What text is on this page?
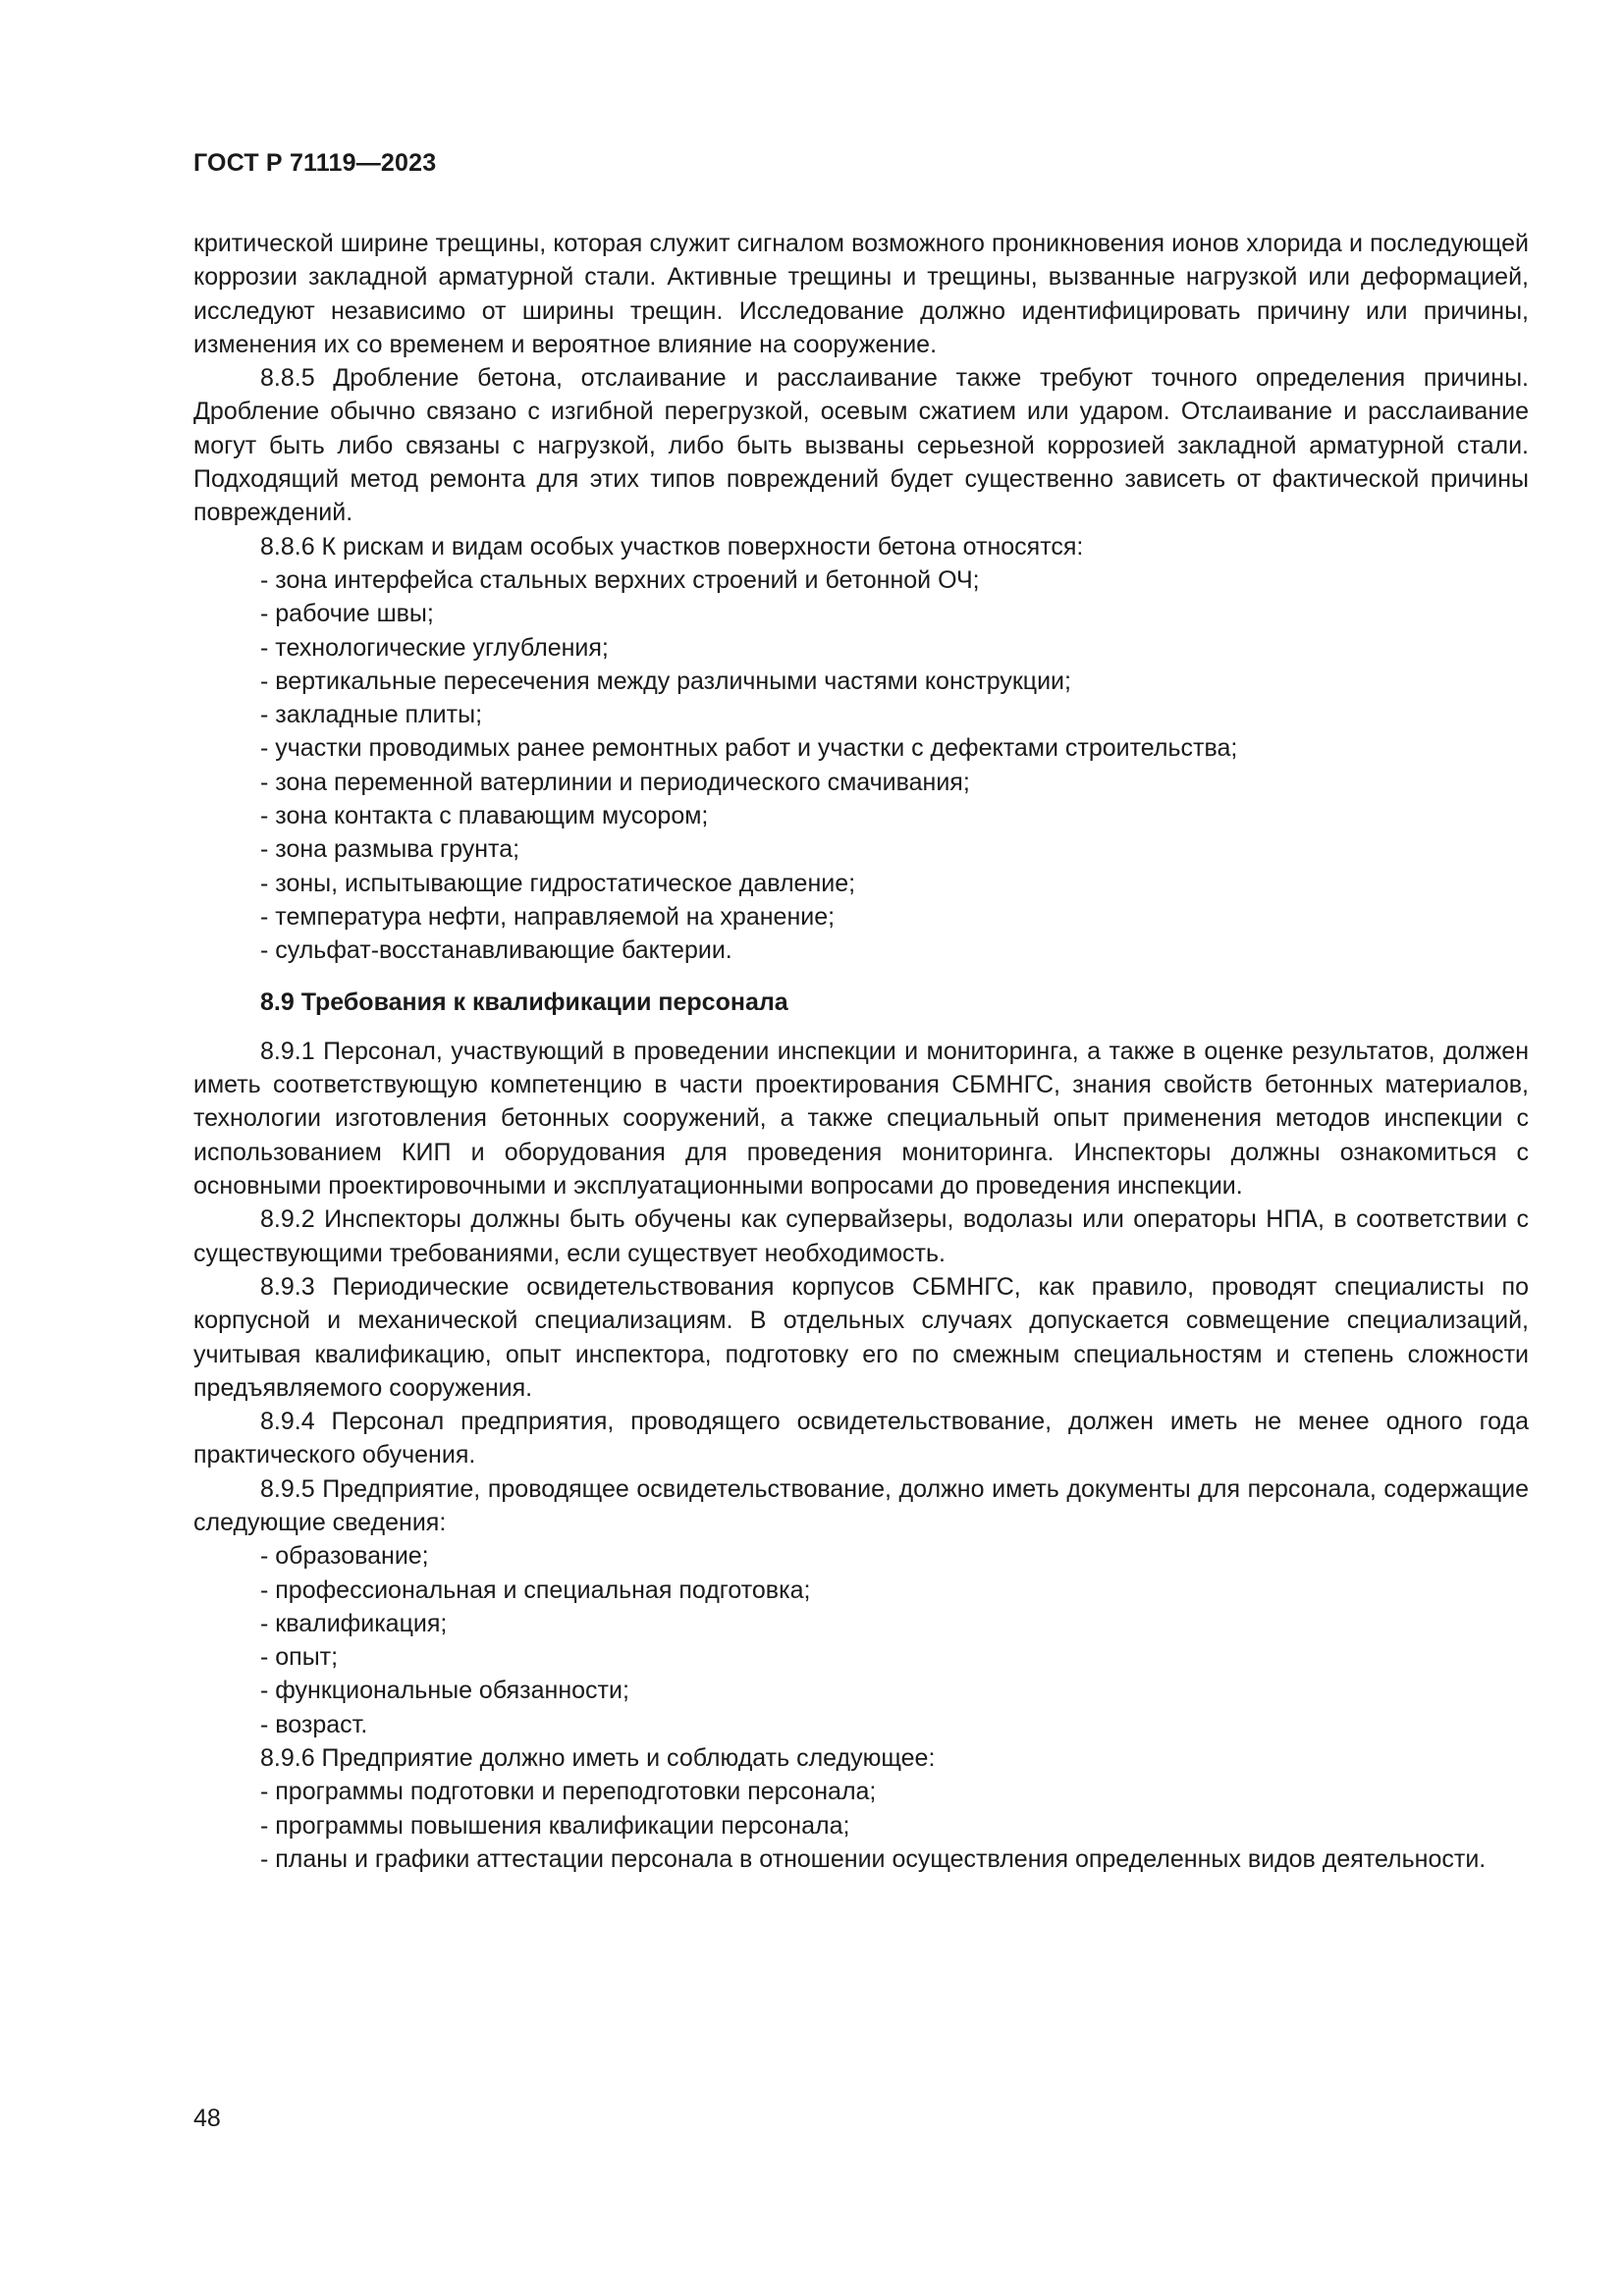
ГОСТ Р 71119—2023

критической ширине трещины, которая служит сигналом возможного проникновения ионов хлорида и последующей коррозии закладной арматурной стали. Активные трещины и трещины, вызванные нагрузкой или деформацией, исследуют независимо от ширины трещин. Исследование должно идентифицировать причину или причины, изменения их со временем и вероятное влияние на сооружение.

8.8.5 Дробление бетона, отслаивание и расслаивание также требуют точного определения причины. Дробление обычно связано с изгибной перегрузкой, осевым сжатием или ударом. Отслаивание и расслаивание могут быть либо связаны с нагрузкой, либо быть вызваны серьезной коррозией закладной арматурной стали. Подходящий метод ремонта для этих типов повреждений будет существенно зависеть от фактической причины повреждений.

8.8.6 К рискам и видам особых участков поверхности бетона относятся:

- зона интерфейса стальных верхних строений и бетонной ОЧ;

- рабочие швы;

- технологические углубления;

- вертикальные пересечения между различными частями конструкции;

- закладные плиты;

- участки проводимых ранее ремонтных работ и участки с дефектами строительства;

- зона переменной ватерлинии и периодического смачивания;

- зона контакта с плавающим мусором;

- зона размыва грунта;

- зоны, испытывающие гидростатическое давление;

- температура нефти, направляемой на хранение;

- сульфат-восстанавливающие бактерии.

8.9 Требования к квалификации персонала

8.9.1 Персонал, участвующий в проведении инспекции и мониторинга, а также в оценке результатов, должен иметь соответствующую компетенцию в части проектирования СБМНГС, знания свойств бетонных материалов, технологии изготовления бетонных сооружений, а также специальный опыт применения методов инспекции с использованием КИП и оборудования для проведения мониторинга. Инспекторы должны ознакомиться с основными проектировочными и эксплуатационными вопросами до проведения инспекции.

8.9.2 Инспекторы должны быть обучены как супервайзеры, водолазы или операторы НПА, в соответствии с существующими требованиями, если существует необходимость.

8.9.3 Периодические освидетельствования корпусов СБМНГС, как правило, проводят специалисты по корпусной и механической специализациям. В отдельных случаях допускается совмещение специализаций, учитывая квалификацию, опыт инспектора, подготовку его по смежным специальностям и степень сложности предъявляемого сооружения.

8.9.4 Персонал предприятия, проводящего освидетельствование, должен иметь не менее одного года практического обучения.

8.9.5 Предприятие, проводящее освидетельствование, должно иметь документы для персонала, содержащие следующие сведения:

- образование;

- профессиональная и специальная подготовка;

- квалификация;

- опыт;

- функциональные обязанности;

- возраст.

8.9.6 Предприятие должно иметь и соблюдать следующее:

- программы подготовки и переподготовки персонала;

- программы повышения квалификации персонала;

- планы и графики аттестации персонала в отношении осуществления определенных видов деятельности.

48
